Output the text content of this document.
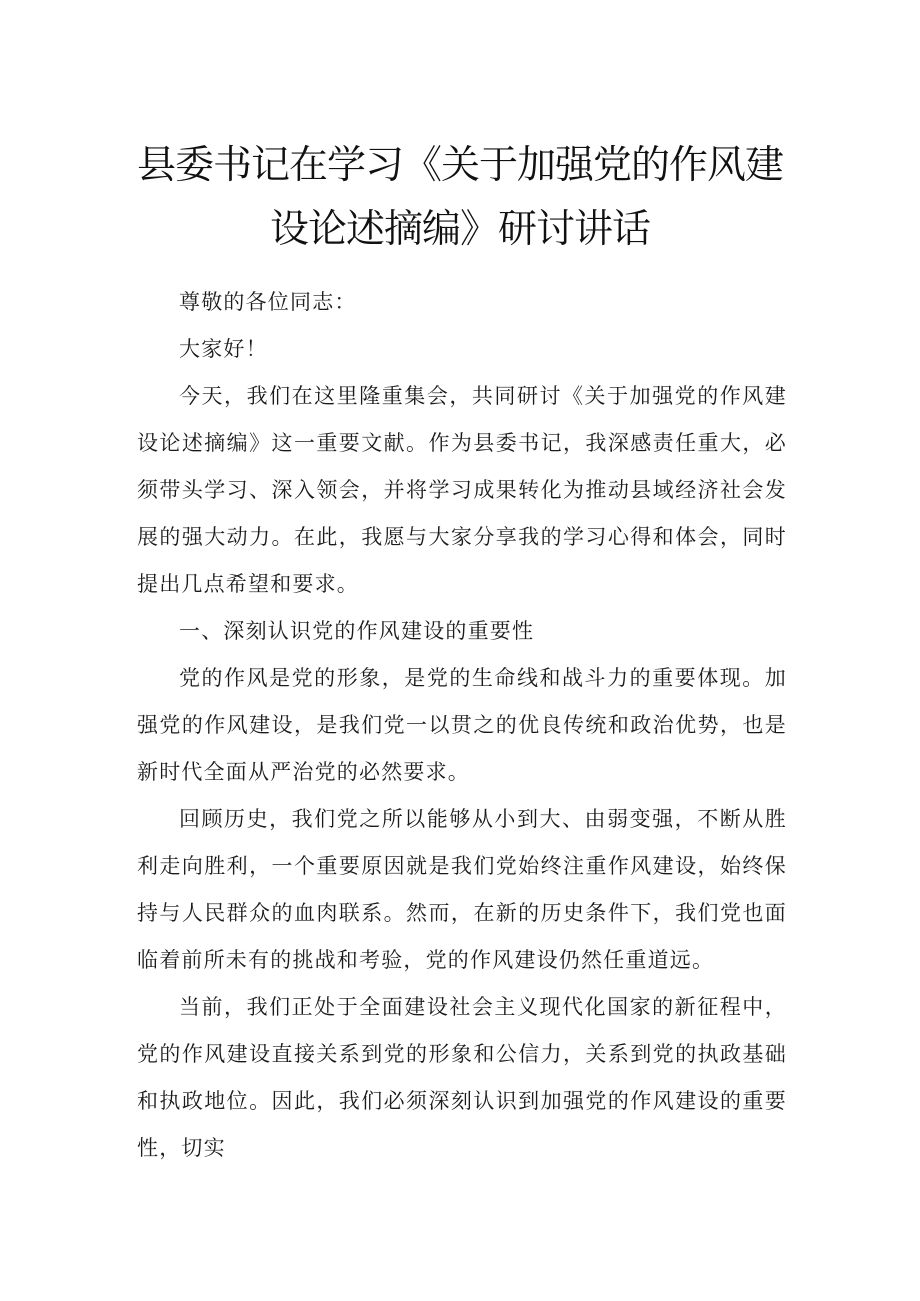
县委书记在学习《关于加强党的作风建
设论述摘编》研讨讲话

尊敬的各位同志：

大家好！

今天，我们在这里隆重集会，共同研讨《关于加强党的作风建设论述摘编》这一重要文献。作为县委书记，我深感责任重大，必须带头学习、深入领会，并将学习成果转化为推动县域经济社会发展的强大动力。在此，我愿与大家分享我的学习心得和体会，同时提出几点希望和要求。

一、深刻认识党的作风建设的重要性

党的作风是党的形象，是党的生命线和战斗力的重要体现。加强党的作风建设，是我们党一以贯之的优良传统和政治优势，也是新时代全面从严治党的必然要求。

回顾历史，我们党之所以能够从小到大、由弱变强，不断从胜利走向胜利，一个重要原因就是我们党始终注重作风建设，始终保持与人民群众的血肉联系。然而，在新的历史条件下，我们党也面临着前所未有的挑战和考验，党的作风建设仍然任重道远。

当前，我们正处于全面建设社会主义现代化国家的新征程中，党的作风建设直接关系到党的形象和公信力，关系到党的执政基础和执政地位。因此，我们必须深刻认识到加强党的作风建设的重要性，切实
